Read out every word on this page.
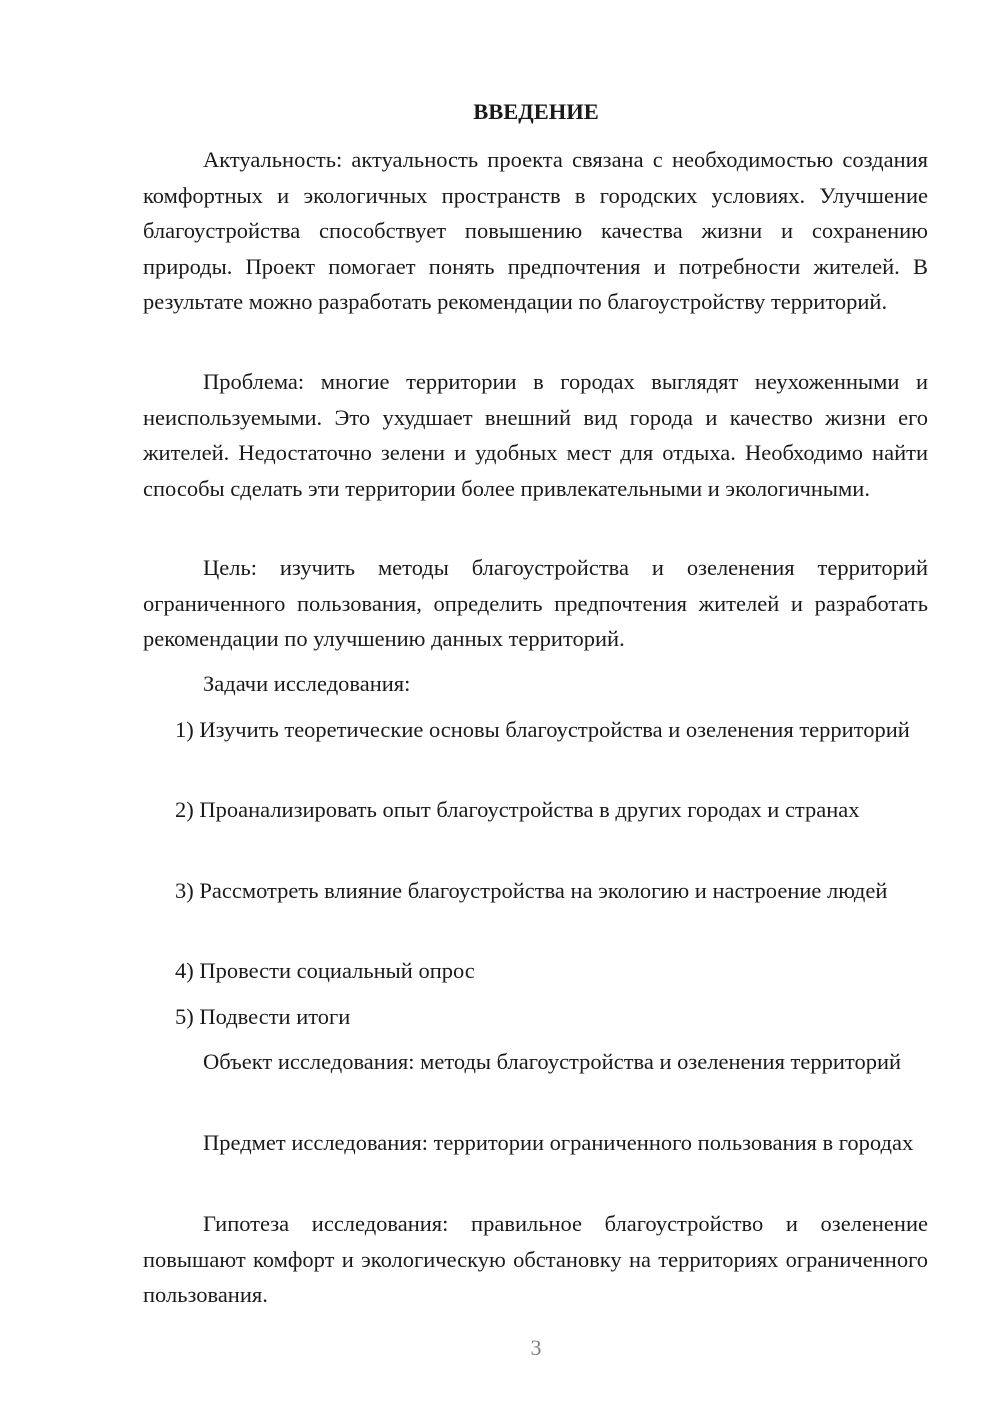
ВВЕДЕНИЕ

Актуальность: актуальность проекта связана с необходимостью создания комфортных и экологичных пространств в городских условиях. Улучшение благоустройства способствует повышению качества жизни и сохранению природы. Проект помогает понять предпочтения и потребности жителей. В результате можно разработать рекомендации по благоустройству территорий.

Проблема: многие территории в городах выглядят неухоженными и неиспользуемыми. Это ухудшает внешний вид города и качество жизни его жителей. Недостаточно зелени и удобных мест для отдыха. Необходимо найти способы сделать эти территории более привлекательными и экологичными.

Цель: изучить методы благоустройства и озеленения территорий ограниченного пользования, определить предпочтения жителей и разработать рекомендации по улучшению данных территорий.

Задачи исследования:

1) Изучить теоретические основы благоустройства и озеленения территорий

2) Проанализировать опыт благоустройства в других городах и странах

3) Рассмотреть влияние благоустройства на экологию и настроение людей

4) Провести социальный опрос

5) Подвести итоги

Объект исследования: методы благоустройства и озеленения территорий

Предмет исследования: территории ограниченного пользования в городах

Гипотеза исследования: правильное благоустройство и озеленение повышают комфорт и экологическую обстановку на территориях ограниченного пользования.

3
